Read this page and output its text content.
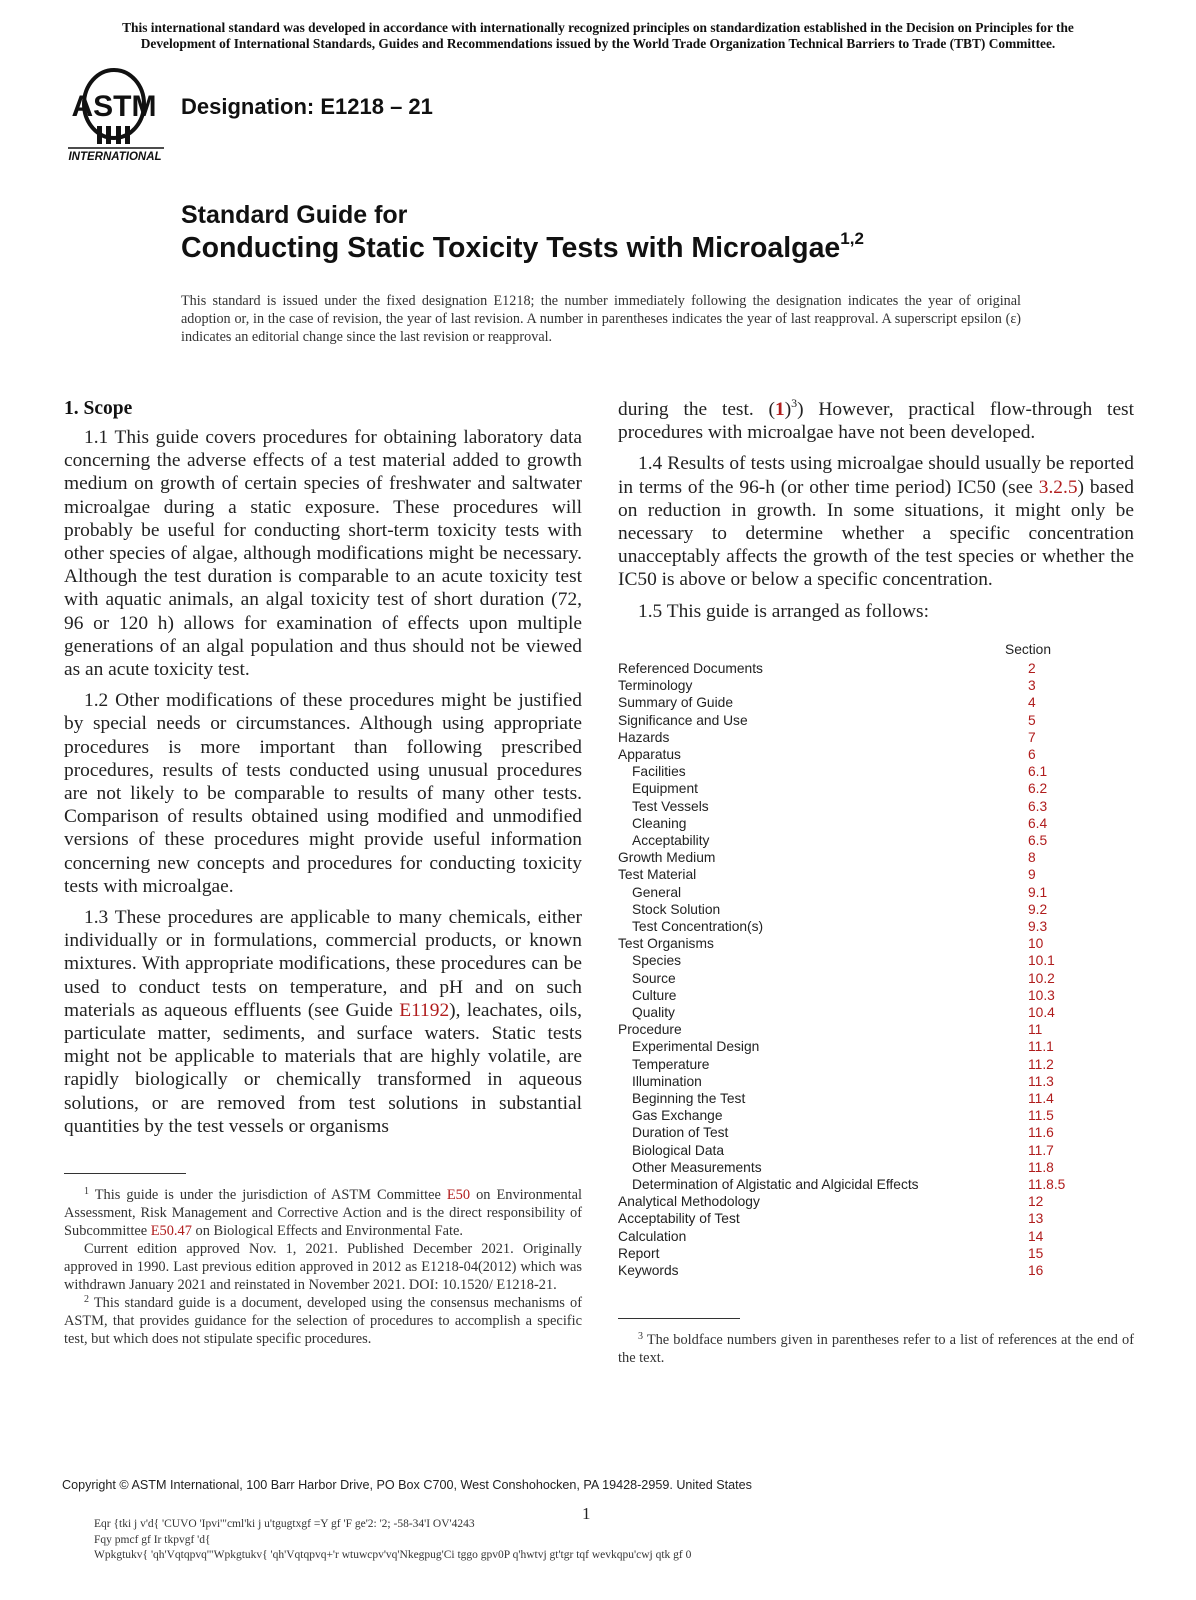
This international standard was developed in accordance with internationally recognized principles on standardization established in the Decision on Principles for the
Development of International Standards, Guides and Recommendations issued by the World Trade Organization Technical Barriers to Trade (TBT) Committee.
ASTM
INTERNATIONAL
Designation: E1218 – 21
Standard Guide for
Conducting Static Toxicity Tests with Microalgae$^{1,2}$
This standard is issued under the fixed designation E1218; the number immediately following the designation indicates the year of original adoption or, in the case of revision, the year of last revision. A number in parentheses indicates the year of last reapproval. A superscript epsilon (ε) indicates an editorial change since the last revision or reapproval.
1. Scope

1.1 This guide covers procedures for obtaining laboratory data concerning the adverse effects of a test material added to growth medium on growth of certain species of freshwater and saltwater microalgae during a static exposure. These procedures will probably be useful for conducting short-term toxicity tests with other species of algae, although modifications might be necessary. Although the test duration is comparable to an acute toxicity test with aquatic animals, an algal toxicity test of short duration (72, 96 or 120 h) allows for examination of effects upon multiple generations of an algal population and thus should not be viewed as an acute toxicity test.

1.2 Other modifications of these procedures might be justified by special needs or circumstances. Although using appropriate procedures is more important than following prescribed procedures, results of tests conducted using unusual procedures are not likely to be comparable to results of many other tests. Comparison of results obtained using modified and unmodified versions of these procedures might provide useful information concerning new concepts and procedures for conducting toxicity tests with microalgae.

1.3 These procedures are applicable to many chemicals, either individually or in formulations, commercial products, or known mixtures. With appropriate modifications, these procedures can be used to conduct tests on temperature, and pH and on such materials as aqueous effluents (see Guide E1192), leachates, oils, particulate matter, sediments, and surface waters. Static tests might not be applicable to materials that are highly volatile, are rapidly biologically or chemically transformed in aqueous solutions, or are removed from test solutions in substantial quantities by the test vessels or organisms

$^1$ This guide is under the jurisdiction of ASTM Committee E50 on Environmental Assessment, Risk Management and Corrective Action and is the direct responsibility of Subcommittee E50.47 on Biological Effects and Environmental Fate.

Current edition approved Nov. 1, 2021. Published December 2021. Originally approved in 1990. Last previous edition approved in 2012 as E1218-04(2012) which was withdrawn January 2021 and reinstated in November 2021. DOI: 10.1520/ E1218-21.

$^2$ This standard guide is a document, developed using the consensus mechanisms of ASTM, that provides guidance for the selection of procedures to accomplish a specific test, but which does not stipulate specific procedures.

during the test. $(1)^3$) However, practical flow-through test procedures with microalgae have not been developed.

1.4 Results of tests using microalgae should usually be reported in terms of the 96-h (or other time period) IC50 (see 3.2.5) based on reduction in growth. In some situations, it might only be necessary to determine whether a specific concentration unacceptably affects the growth of the test species or whether the IC50 is above or below a specific concentration.

1.5 This guide is arranged as follows:

Section
Referenced Documents	2
Terminology	3
Summary of Guide	4
Significance and Use	5
Hazards	7
Apparatus	6
Facilities	6.1
Equipment	6.2
Test Vessels	6.3
Cleaning	6.4
Acceptability	6.5
Growth Medium	8
Test Material	9
General	9.1
Stock Solution	9.2
Test Concentration(s)	9.3
Test Organisms	10
Species	10.1
Source	10.2
Culture	10.3
Quality	10.4
Procedure	11
Experimental Design	11.1
Temperature	11.2
Illumination	11.3
Beginning the Test	11.4
Gas Exchange	11.5
Duration of Test	11.6
Biological Data	11.7
Other Measurements	11.8
Determination of Algistatic and Algicidal Effects	11.8.5
Analytical Methodology	12
Acceptability of Test	13
Calculation	14
Report	15
Keywords	16

$^3$ The boldface numbers given in parentheses refer to a list of references at the end of the text.

Copyright © ASTM International, 100 Barr Harbor Drive, PO Box C700, West Conshohocken, PA 19428-2959. United States
1
Eqr {tki j v'd{ 'CUVO 'Ipvi'"cml'ki j u'tgugtxgf =Y gf 'F ge'2: '2; -58-34'I OV'4243
Fqy pmcf gf Ir tkpvgf 'd{
Wpkgtukv{ 'qh'Vqtqpvq'"Wpkgtukv{ 'qh'Vqtqpvq+'r wtuwcpv'vq'Nkegpug'Ci tggo gpv0P q'hwtvj gt'tgr tqf wevkqpu'cwj qtk gf 0
